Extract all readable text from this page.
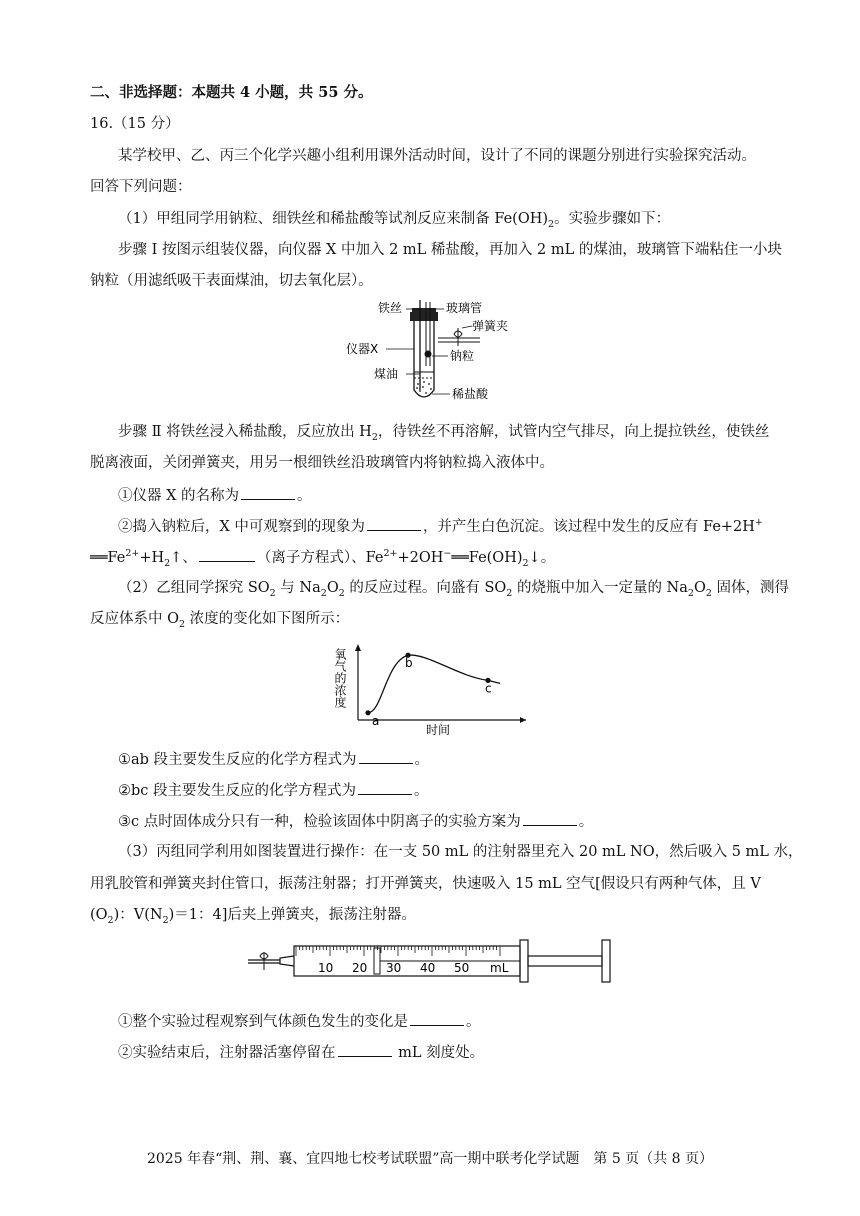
二、非选择题：本题共 4 小题，共 55 分。
16.（15 分）
某学校甲、乙、丙三个化学兴趣小组利用课外活动时间，设计了不同的课题分别进行实验探究活动。
回答下列问题：
（1）甲组同学用钠粒、细铁丝和稀盐酸等试剂反应来制备 $Fe(OH)_2$。实验步骤如下：
步骤 Ⅰ 按图示组装仪器，向仪器 X 中加入 2 mL 稀盐酸，再加入 2 mL 的煤油，玻璃管下端粘住一小块
钠粒（用滤纸吸干表面煤油，切去氧化层）。
铁丝	玻璃管
弹簧夹
仪器X	钠粒
煤油
稀盐酸
步骤 Ⅱ 将铁丝浸入稀盐酸，反应放出 $H_2$，待铁丝不再溶解，试管内空气排尽，向上提拉铁丝，使铁丝
脱离液面，关闭弹簧夹，用另一根细铁丝沿玻璃管内将钠粒捣入液体中。
①仪器 X 的名称为	。
②捣入钠粒后，X 中可观察到的现象为	，并产生白色沉淀。该过程中发生的反应有 Fe+2H+
$══Fe^{2+}+H_2↑$、	（离子方程式）、$Fe^{2+}+2OH^-══Fe(OH)_2↓$。
（2）乙组同学探究 $SO_2$ 与 $Na_2O_2$ 的反应过程。向盛有 $SO_2$ 的烧瓶中加入一定量的 $Na_2O_2$ 固体，测得
反应体系中 $O_2$ 浓度的变化如下图所示：
a
b
c
氧气的浓度
时间
①ab 段主要发生反应的化学方程式为	。
②bc 段主要发生反应的化学方程式为	。
③c 点时固体成分只有一种，检验该固体中阴离子的实验方案为	。
（3）丙组同学利用如图装置进行操作：在一支 50 mL 的注射器里充入 20 mL NO，然后吸入 5 mL 水，
用乳胶管和弹簧夹封住管口，振荡注射器；打开弹簧夹，快速吸入 15 mL 空气[假设只有两种气体，且 V
$(O_2)$：$V(N_2)=1$：4]后夹上弹簧夹，振荡注射器。
10 20 30 40 50 mL
①整个实验过程观察到气体颜色发生的变化是	。
②实验结束后，注射器活塞停留在	mL 刻度处。
2025 年春“荆、荆、襄、宜四地七校考试联盟”高一期中联考化学试题　第 5 页（共 8 页）
